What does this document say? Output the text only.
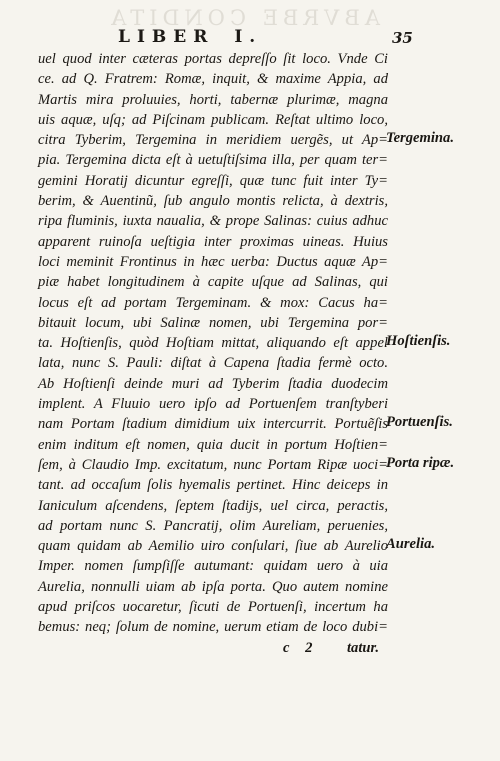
ABVRBE CONDITA
LIBER I.	35
uel quod inter cæteras portas depreſſo ſit loco. Vnde Ci
ce. ad Q. Fratrem: Romæ, inquit, & maxime Appia, ad
Martis mira proluuies, horti, tabernæ plurimæ, magna
uis aquæ, uſq; ad Piſcinam publicam. Reſtat ultimo loco,
citra Tyberim, Tergemina in meridiem uergẽs, ut Ap=
pia. Tergemina dicta eſt à uetuſtiſsima illa, per quam ter=
gemini Horatij dicuntur egreſſi, quæ tunc fuit inter Ty=
berim, & Auentinũ, ſub angulo montis relicta, à dextris,
ripa fluminis, iuxta naualia, & prope Salinas: cuius adhuc
apparent ruinoſa ueſtigia inter proximas uineas. Huius
loci meminit Frontinus in hæc uerba: Ductus aquæ Ap=
piæ habet longitudinem à capite uſque ad Salinas, qui
locus eſt ad portam Tergeminam. & mox: Cacus ha=
bitauit locum, ubi Salinæ nomen, ubi Tergemina por=
ta. Hoſtienſis, quòd Hoſtiam mittat, aliquando eſt appel
lata, nunc S. Pauli: diſtat à Capena ſtadia fermè octo.
Ab Hoſtienſi deinde muri ad Tyberim ſtadia duodecim
implent. A Fluuio uero ipſo ad Portuenſem tranſtyberi
nam Portam ſtadium dimidium uix intercurrit. Portuẽſis
enim inditum eſt nomen, quia ducit in portum Hoſtien=
ſem, à Claudio Imp. excitatum, nunc Portam Ripæ uoci=
tant. ad occaſum ſolis hyemalis pertinet. Hinc deiceps in
Ianiculum aſcendens, ſeptem ſtadijs, uel circa, peractis,
ad portam nunc S. Pancratij, olim Aureliam, peruenies,
quam quidam ab Aemilio uiro conſulari, ſiue ab Aurelio
Imper. nomen ſumpſiſſe autumant: quidam uero à uia
Aurelia, nonnulli uiam ab ipſa porta. Quo autem nomine
apud priſcos uocaretur, ſicuti de Portuenſi, incertum ha
bemus: neq; ſolum de nomine, uerum etiam de loco dubi=
Tergemina.
Hoſtienſis.
Portuenſis.
Porta ripæ.
Aurelia.
c 2 tatur.
